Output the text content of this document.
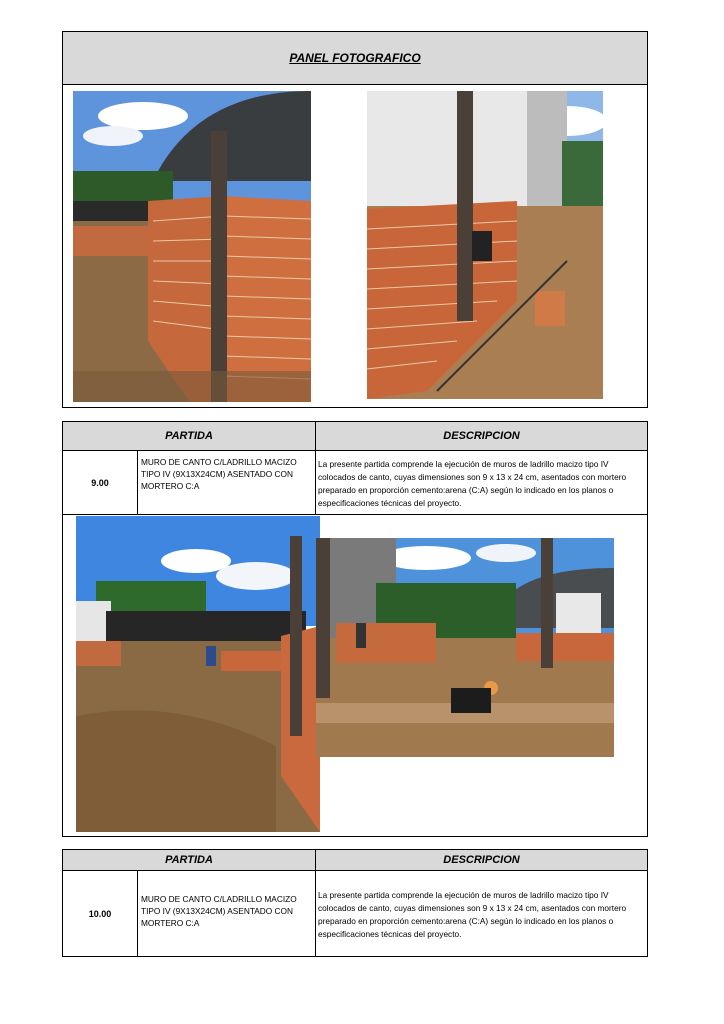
PANEL FOTOGRAFICO
PARTIDA	DESCRIPCION
9.00
MURO DE CANTO C/LADRILLO MACIZO TIPO IV (9X13X24CM) ASENTADO CON MORTERO C:A
La presente partida comprende la ejecución de muros de ladrillo macizo tipo IV colocados de canto, cuyas dimensiones son 9 x 13 x 24 cm, asentados con mortero preparado en proporción cemento:arena (C:A) según lo indicado en los planos o especificaciones técnicas del proyecto.
PARTIDA	DESCRIPCION
10.00
MURO DE CANTO C/LADRILLO MACIZO TIPO IV (9X13X24CM) ASENTADO CON MORTERO C:A
La presente partida comprende la ejecución de muros de ladrillo macizo tipo IV colocados de canto, cuyas dimensiones son 9 x 13 x 24 cm, asentados con mortero preparado en proporción cemento:arena (C:A) según lo indicado en los planos o especificaciones técnicas del proyecto.
